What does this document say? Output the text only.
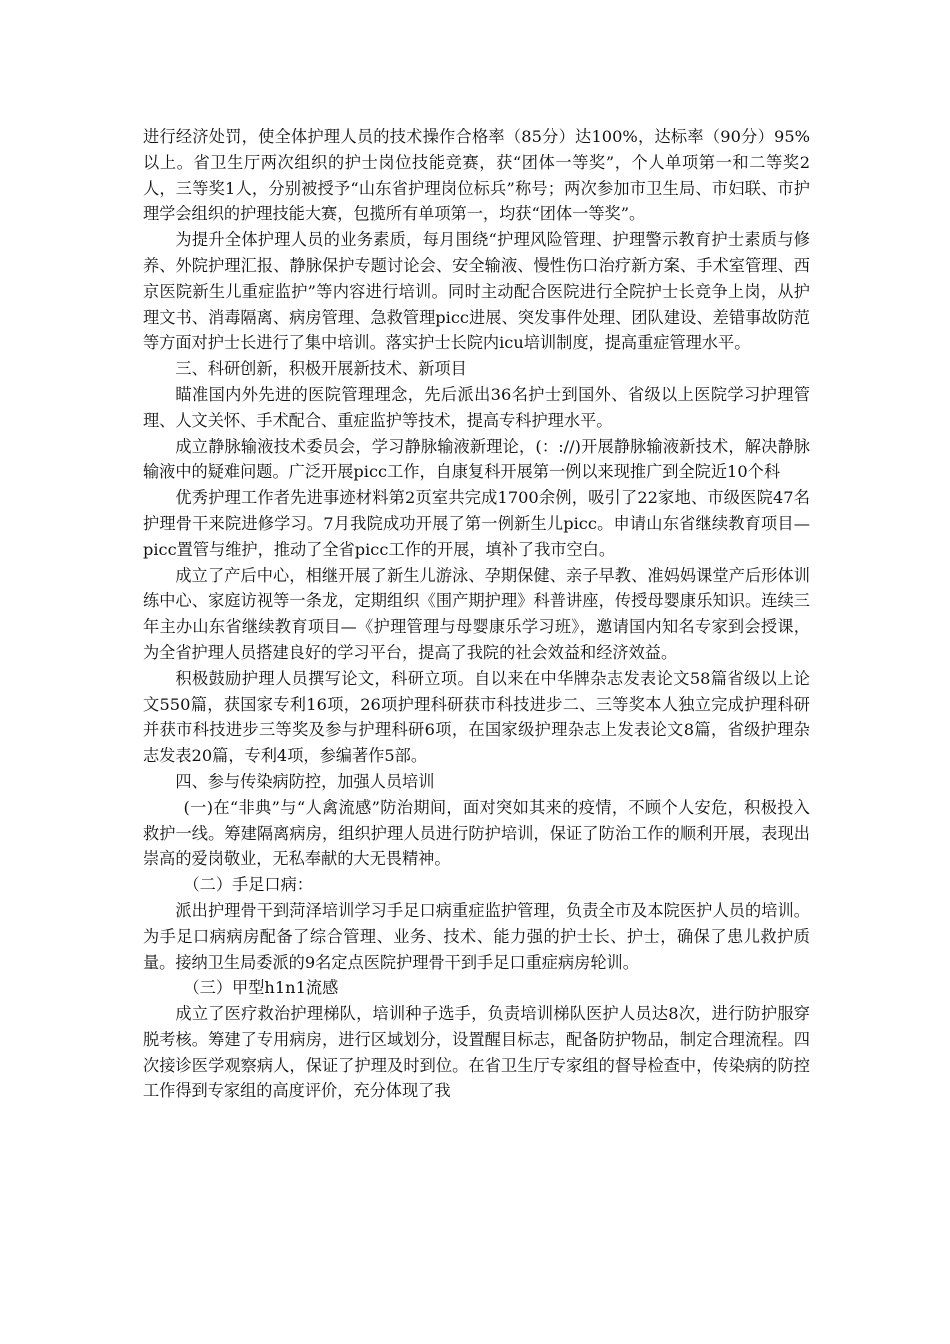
进行经济处罚，使全体护理人员的技术操作合格率（85分）达100%，达标率（90分）95%以上。省卫生厅两次组织的护士岗位技能竞赛，获“团体一等奖”，个人单项第一和二等奖2人，三等奖1人，分别被授予“山东省护理岗位标兵”称号；两次参加市卫生局、市妇联、市护理学会组织的护理技能大赛，包揽所有单项第一，均获“团体一等奖”。

为提升全体护理人员的业务素质，每月围绕“护理风险管理、护理警示教育护士素质与修养、外院护理汇报、静脉保护专题讨论会、安全输液、慢性伤口治疗新方案、手术室管理、西京医院新生儿重症监护”等内容进行培训。同时主动配合医院进行全院护士长竞争上岗，从护理文书、消毒隔离、病房管理、急救管理picc进展、突发事件处理、团队建设、差错事故防范等方面对护士长进行了集中培训。落实护士长院内icu培训制度，提高重症管理水平。

三、科研创新，积极开展新技术、新项目

瞄准国内外先进的医院管理理念，先后派出36名护士到国外、省级以上医院学习护理管理、人文关怀、手术配合、重症监护等技术，提高专科护理水平。

成立静脉输液技术委员会，学习静脉输液新理论，(：://)开展静脉输液新技术，解决静脉输液中的疑难问题。广泛开展picc工作，自康复科开展第一例以来现推广到全院近10个科

优秀护理工作者先进事迹材料第2页室共完成1700余例，吸引了22家地、市级医院47名护理骨干来院进修学习。7月我院成功开展了第一例新生儿picc。申请山东省继续教育项目—picc置管与维护，推动了全省picc工作的开展，填补了我市空白。

成立了产后中心，相继开展了新生儿游泳、孕期保健、亲子早教、准妈妈课堂产后形体训练中心、家庭访视等一条龙，定期组织《围产期护理》科普讲座，传授母婴康乐知识。连续三年主办山东省继续教育项目—《护理管理与母婴康乐学习班》，邀请国内知名专家到会授课，为全省护理人员搭建良好的学习平台，提高了我院的社会效益和经济效益。

积极鼓励护理人员撰写论文，科研立项。自以来在中华牌杂志发表论文58篇省级以上论文550篇，获国家专利16项，26项护理科研获市科技进步二、三等奖本人独立完成护理科研并获市科技进步三等奖及参与护理科研6项，在国家级护理杂志上发表论文8篇，省级护理杂志发表20篇，专利4项，参编著作5部。

四、参与传染病防控，加强人员培训

(一)在“非典”与“人禽流感”防治期间，面对突如其来的疫情，不顾个人安危，积极投入救护一线。筹建隔离病房，组织护理人员进行防护培训，保证了防治工作的顺利开展，表现出崇高的爱岗敬业，无私奉献的大无畏精神。

（二）手足口病：

派出护理骨干到菏泽培训学习手足口病重症监护管理，负责全市及本院医护人员的培训。为手足口病病房配备了综合管理、业务、技术、能力强的护士长、护士，确保了患儿救护质量。接纳卫生局委派的9名定点医院护理骨干到手足口重症病房轮训。

（三）甲型h1n1流感

成立了医疗救治护理梯队，培训种子选手，负责培训梯队医护人员达8次，进行防护服穿脱考核。筹建了专用病房，进行区域划分，设置醒目标志，配备防护物品，制定合理流程。四次接诊医学观察病人，保证了护理及时到位。在省卫生厅专家组的督导检查中，传染病的防控工作得到专家组的高度评价，充分体现了我
